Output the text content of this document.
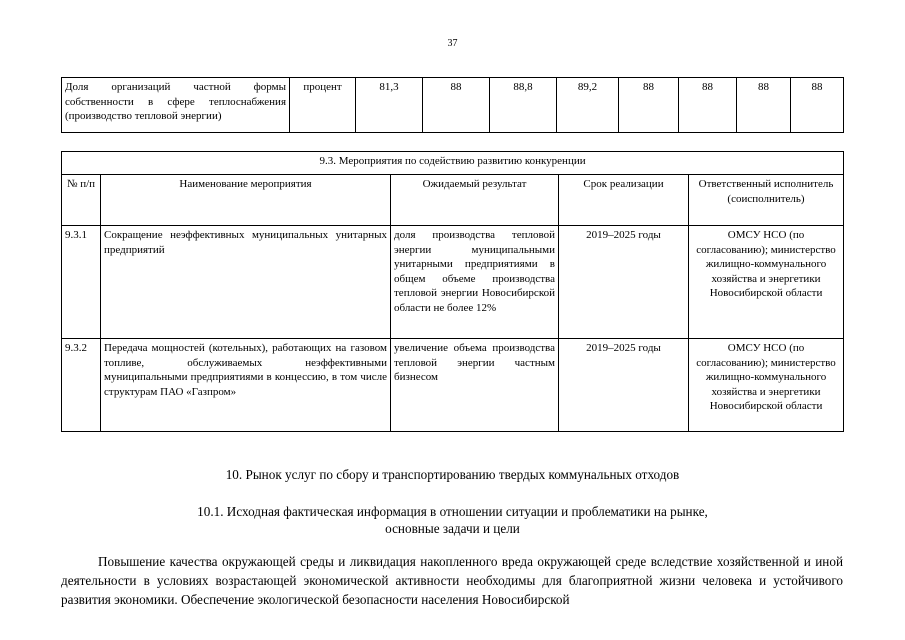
37
Доля организаций частной формы собственности в сфере теплоснабжения (производство тепловой энергии)	процент	81,3	88	88,8	89,2	88	88	88	88
9.3. Мероприятия по содействию развитию конкуренции				
№ п/п	Наименование мероприятия	Ожидаемый результат	Срок реализации	Ответственный исполнитель (соисполнитель)
9.3.1	Сокращение неэффективных муниципальных унитарных предприятий	доля производства тепловой энергии муниципальными унитарными предприятиями в общем объеме производства тепловой энергии Новосибирской области не более 12%	2019–2025 годы	ОМСУ НСО (по согласованию); министерство жилищно-коммунального хозяйства и энергетики Новосибирской области
9.3.2	Передача мощностей (котельных), работающих на газовом топливе, обслуживаемых неэффективными муниципальными предприятиями в концессию, в том числе структурам ПАО «Газпром»	увеличение объема производства тепловой энергии частным бизнесом	2019–2025 годы	ОМСУ НСО (по согласованию); министерство жилищно-коммунального хозяйства и энергетики Новосибирской области
10. Рынок услуг по сбору и транспортированию твердых коммунальных отходов
10.1. Исходная фактическая информация в отношении ситуации и проблематики на рынке,
основные задачи и цели

Повышение качества окружающей среды и ликвидация накопленного вреда окружающей среде вследствие хозяйственной и иной деятельности в условиях возрастающей экономической активности необходимы для благоприятной жизни человека и устойчивого развития экономики. Обеспечение экологической безопасности населения Новосибирской
